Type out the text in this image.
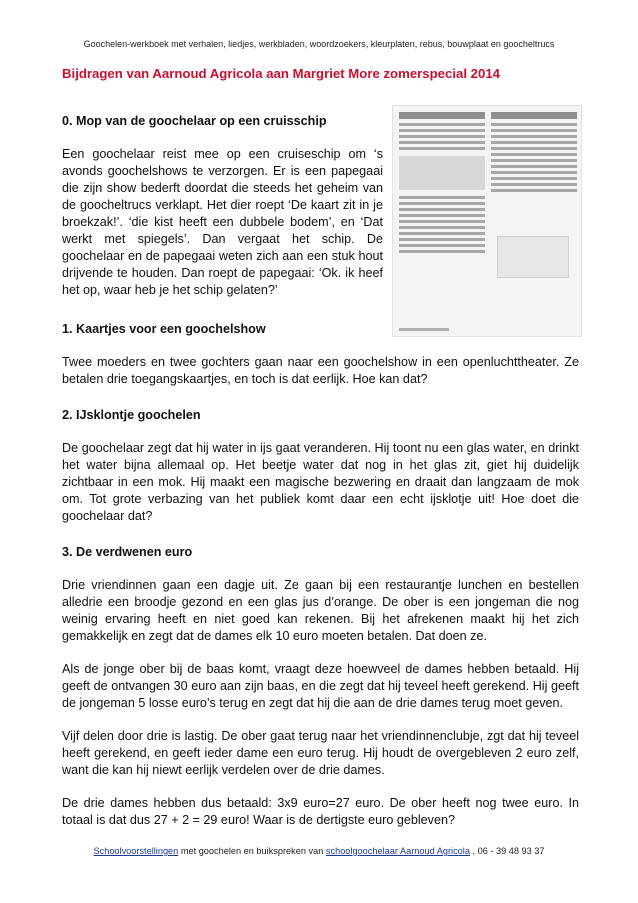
Goochelen-werkboek met verhalen, liedjes, werkbladen, woordzoekers, kleurplaten, rebus, bouwplaat en goocheltrucs
Bijdragen van Aarnoud Agricola aan Margriet More zomerspecial 2014
0. Mop van de goochelaar op een cruisschip
Een goochelaar reist mee op een cruiseschip om ‘s avonds goochelshows te verzorgen. Er is een papegaai die zijn show bederft doordat die steeds het geheim van de goocheltrucs verklapt. Het dier roept ‘De kaart zit in je broekzak!’. ‘die kist heeft een dubbele bodem’, en ‘Dat werkt met spiegels’. Dan vergaat het schip. De goochelaar en de papegaai weten zich aan een stuk hout drijvende te houden. Dan roept de papegaai: ‘Ok. ik heef het op, waar heb je het schip gelaten?’
1. Kaartjes voor een goochelshow
Twee moeders en twee gochters gaan naar een goochelshow in een openluchttheater. Ze betalen drie toegangskaartjes, en toch is dat eerlijk. Hoe kan dat?
2. IJsklontje goochelen
De goochelaar zegt dat hij water in ijs gaat veranderen. Hij toont nu een glas water, en drinkt het water bijna allemaal op. Het beetje water dat nog in het glas zit, giet hij duidelijk zichtbaar in een mok. Hij maakt een magische bezwering en draait dan langzaam de mok om. Tot grote verbazing van het publiek komt daar een echt ijsklotje uit! Hoe doet die goochelaar dat?
3. De verdwenen euro
Drie vriendinnen gaan een dagje uit. Ze gaan bij een restaurantje lunchen en bestellen alledrie een broodje gezond en een glas jus d’orange. De ober is een jongeman die nog weinig ervaring heeft en niet goed kan rekenen. Bij het afrekenen maakt hij het zich gemakkelijk en zegt dat de dames elk 10 euro moeten betalen. Dat doen ze.
Als de jonge ober bij de baas komt, vraagt deze hoewveel de dames hebben betaald. Hij geeft de ontvangen 30 euro aan zijn baas, en die zegt dat hij teveel heeft gerekend. Hij geeft de jongeman 5 losse euro’s terug en zegt dat hij die aan de drie dames terug moet geven.
Vijf delen door drie is lastig. De ober gaat terug naar het vriendinnenclubje, zgt dat hij teveel heeft gerekend, en geeft ieder dame een euro terug. Hij houdt de overgebleven 2 euro zelf, want die kan hij niewt eerlijk verdelen over de drie dames.
De drie dames hebben dus betaald: 3x9 euro=27 euro. De ober heeft nog twee euro. In totaal is dat dus 27 + 2 = 29 euro! Waar is de dertigste euro gebleven?
Schoolvoorstellingen met goochelen en buikspreken van schoolgoochelaar Aarnoud Agricola , 06 - 39 48 93 37
